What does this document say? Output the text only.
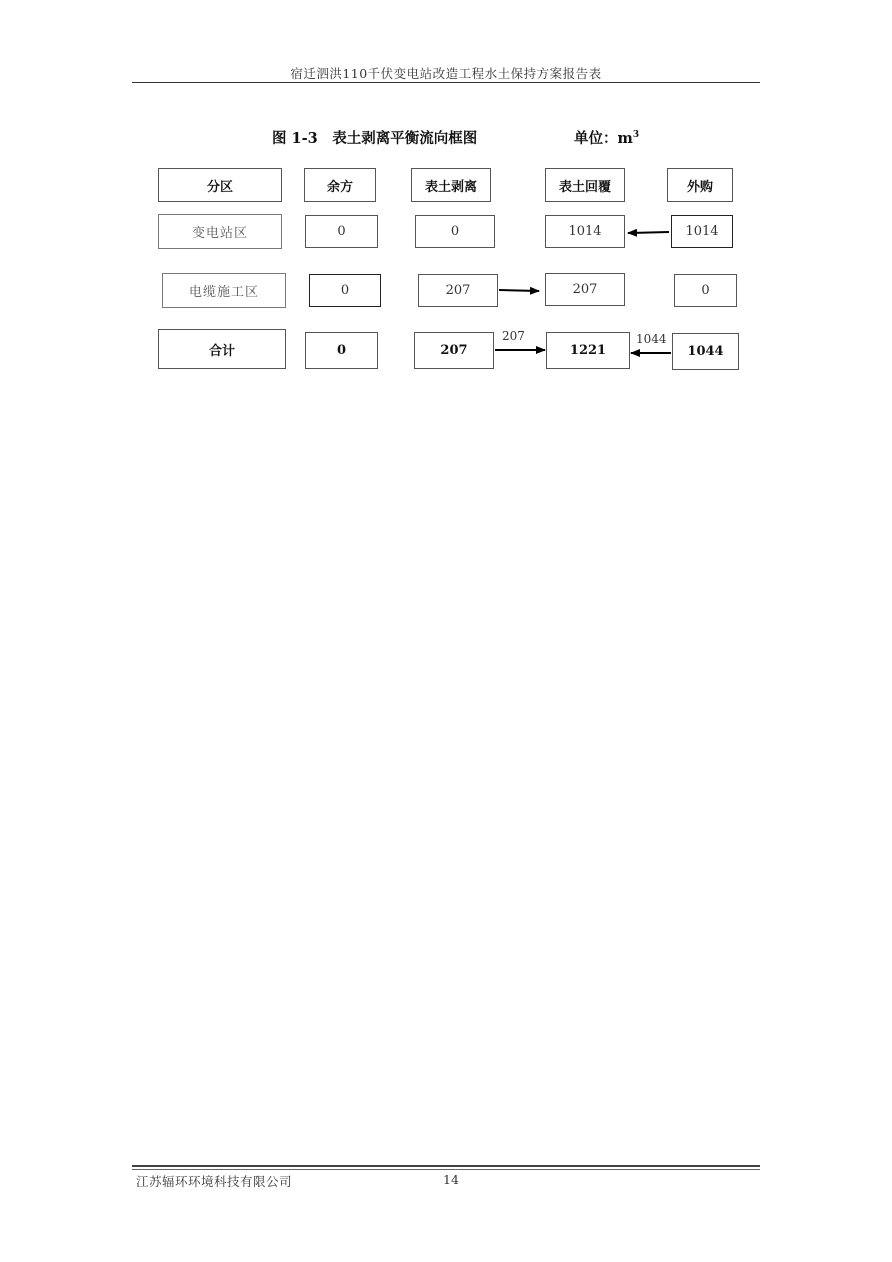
宿迁泗洪110千伏变电站改造工程水土保持方案报告表
图 1-3　表土剥离平衡流向框图	单位：$m^3$
分区	余方	表土剥离	表土回覆	外购
变电站区	0	0	1014	1014
电缆施工区	0	207	207	0
合计	0	207	1221	1044
207	1044
江苏辐环环境科技有限公司	14
